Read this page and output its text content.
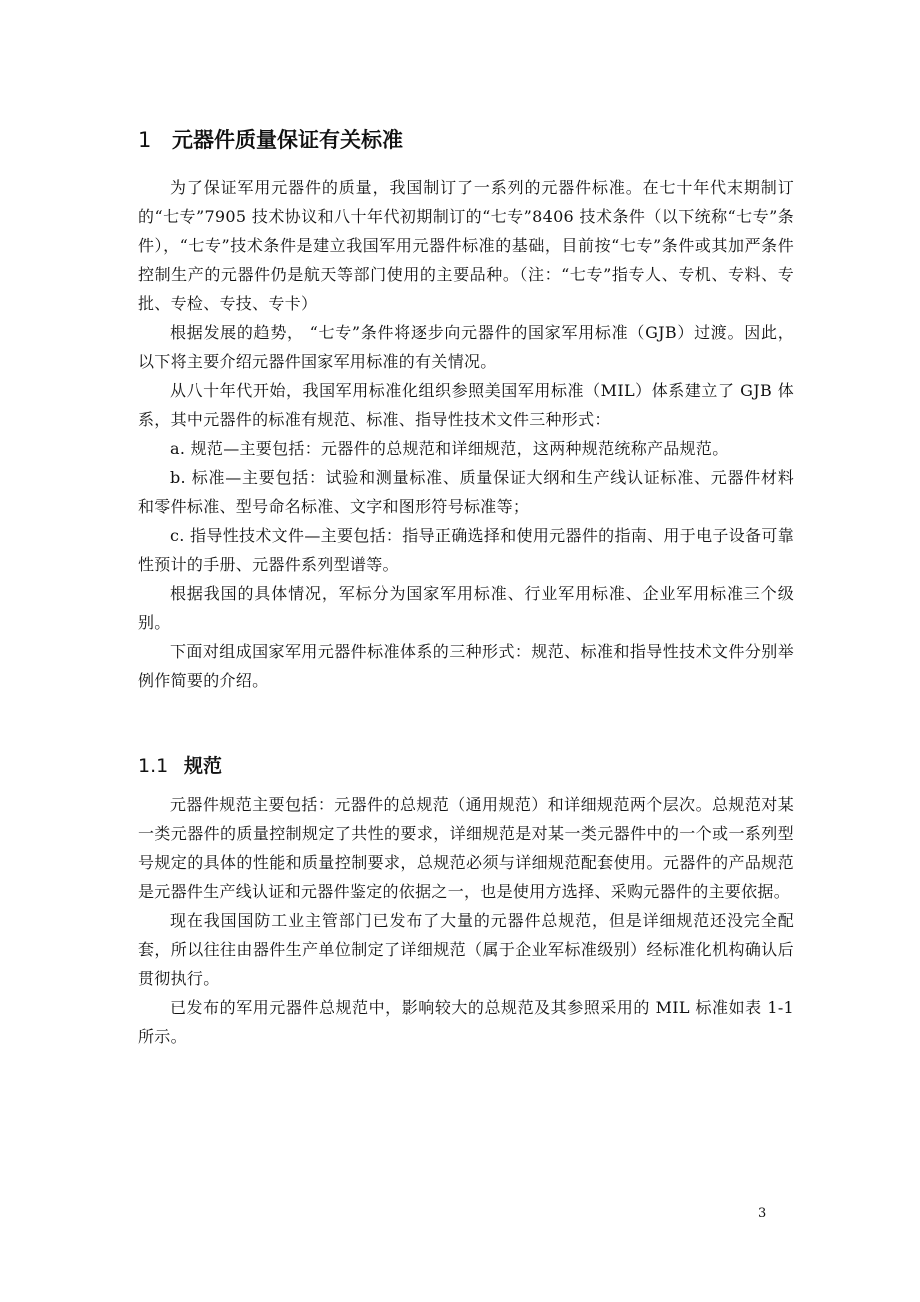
1 元器件质量保证有关标准

为了保证军用元器件的质量，我国制订了一系列的元器件标准。在七十年代末期制订的“七专”7905 技术协议和八十年代初期制订的“七专”8406 技术条件（以下统称“七专”条件），“七专”技术条件是建立我国军用元器件标准的基础，目前按“七专”条件或其加严条件控制生产的元器件仍是航天等部门使用的主要品种。（注：“七专”指专人、专机、专料、专批、专检、专技、专卡）

根据发展的趋势， “七专”条件将逐步向元器件的国家军用标准（GJB）过渡。因此，以下将主要介绍元器件国家军用标准的有关情况。

从八十年代开始，我国军用标准化组织参照美国军用标准（MIL）体系建立了 GJB 体系，其中元器件的标准有规范、标准、指导性技术文件三种形式：

a. 规范—主要包括：元器件的总规范和详细规范，这两种规范统称产品规范。

b. 标准—主要包括：试验和测量标准、质量保证大纲和生产线认证标准、元器件材料和零件标准、型号命名标准、文字和图形符号标准等；

c. 指导性技术文件—主要包括：指导正确选择和使用元器件的指南、用于电子设备可靠性预计的手册、元器件系列型谱等。

根据我国的具体情况，军标分为国家军用标准、行业军用标准、企业军用标准三个级别。

下面对组成国家军用元器件标准体系的三种形式：规范、标准和指导性技术文件分别举例作简要的介绍。

1.1 规范

元器件规范主要包括：元器件的总规范（通用规范）和详细规范两个层次。总规范对某一类元器件的质量控制规定了共性的要求，详细规范是对某一类元器件中的一个或一系列型号规定的具体的性能和质量控制要求，总规范必须与详细规范配套使用。元器件的产品规范是元器件生产线认证和元器件鉴定的依据之一，也是使用方选择、采购元器件的主要依据。

现在我国国防工业主管部门已发布了大量的元器件总规范，但是详细规范还没完全配套，所以往往由器件生产单位制定了详细规范（属于企业军标准级别）经标准化机构确认后贯彻执行。

已发布的军用元器件总规范中，影响较大的总规范及其参照采用的 MIL 标准如表 1-1 所示。

3
